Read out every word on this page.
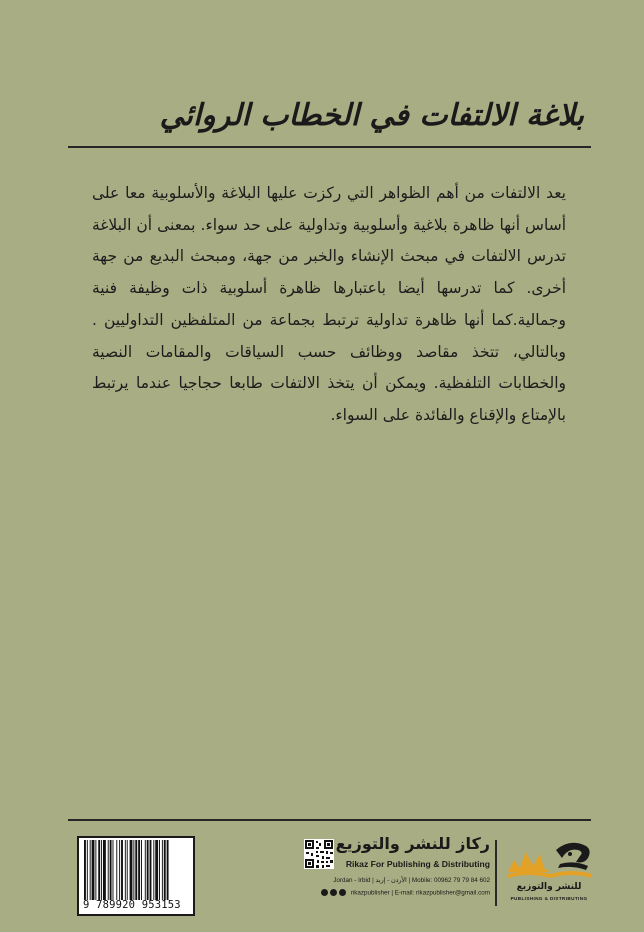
بلاغة الالتفات في الخطاب الروائي

يعد الالتفات من أهم الظواهر التي ركزت عليها البلاغة والأسلوبية معا على أساس أنها ظاهرة بلاغية وأسلوبية وتداولية على حد سواء. بمعنى أن البلاغة تدرس الالتفات في مبحث الإنشاء والخبر من جهة، ومبحث البديع من جهة أخرى. كما تدرسها أيضا باعتبارها ظاهرة أسلوبية ذات وظيفة فنية وجمالية.كما أنها ظاهرة تداولية ترتبط بجماعة من المتلفظين التداوليين . وبالتالي، تتخذ مقاصد ووظائف حسب السياقات والمقامات النصية والخطابات التلفظية. ويمكن أن يتخذ الالتفات طابعا حجاجيا عندما يرتبط بالإمتاع والإقناع والفائدة على السواء.

9 789920 953153
ركاز للنشر والتوزيع
Rikaz For Publishing & Distributing
Jordan - Irbid | الأردن - إربد | Mobile: 00962 79 79 84 602
rikazpublisher | E-mail: rikazpublisher@gmail.com
للنشر والتوزيع
PUBLISHING & DISTRIBUTING
